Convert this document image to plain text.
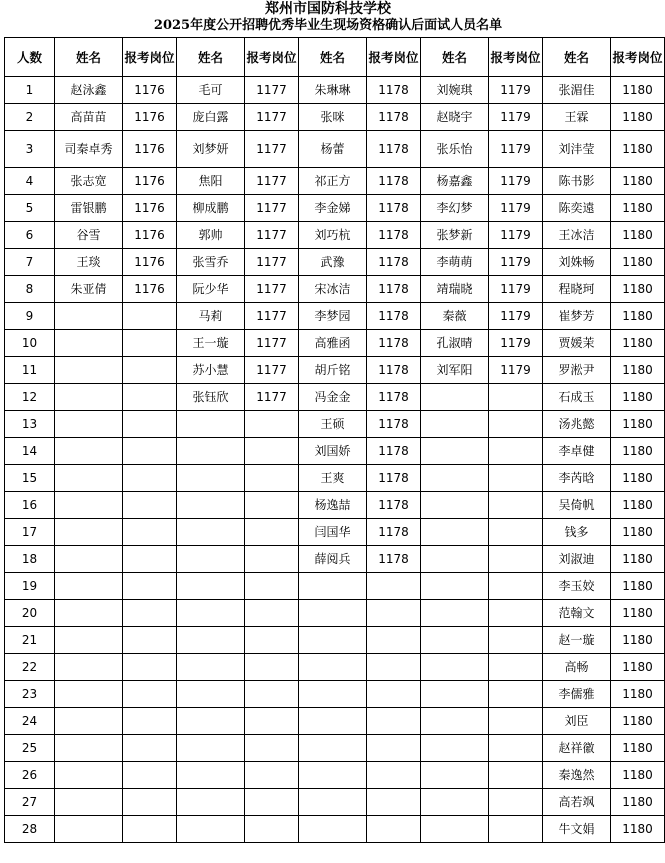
郑州市国防科技学校
2025年度公开招聘优秀毕业生现场资格确认后面试人员名单
人数	姓名	报考岗位	姓名	报考岗位	姓名	报考岗位	姓名	报考岗位	姓名	报考岗位
1	赵泳鑫	1176	毛可	1177	朱琳琳	1178	刘婉琪	1179	张湄佳	1180
2	高苗苗	1176	庞白露	1177	张咪	1178	赵晓宇	1179	王霖	1180
3	司秦卓秀	1176	刘梦妍	1177	杨蕾	1178	张乐怡	1179	刘沣莹	1180
4	张志宽	1176	焦阳	1177	祁正方	1178	杨嘉鑫	1179	陈书影	1180
5	雷银鹏	1176	柳成鹏	1177	李金娣	1178	李幻梦	1179	陈奕遠	1180
6	谷雪	1176	郭帅	1177	刘巧杭	1178	张梦新	1179	王冰洁	1180
7	王琰	1176	张雪乔	1177	武豫	1178	李萌萌	1179	刘姝畅	1180
8	朱亚倩	1176	阮少华	1177	宋冰洁	1178	靖瑞晓	1179	程晓珂	1180
9			马莉	1177	李梦园	1178	秦薇	1179	崔梦芳	1180
10			王一璇	1177	高雅函	1178	孔淑晴	1179	贾媛茉	1180
11			苏小慧	1177	胡斤铭	1178	刘军阳	1179	罗淞尹	1180
12			张钰欣	1177	冯金金	1178			石成玉	1180
13					王硕	1178			汤兆懿	1180
14					刘国娇	1178			李卓健	1180
15					王爽	1178			李芮晗	1180
16					杨逸喆	1178			吴倚帆	1180
17					闫国华	1178			钱多	1180
18					薛阅兵	1178			刘淑迪	1180
19									李玉姣	1180
20									范翰文	1180
21									赵一璇	1180
22									高畅	1180
23									李儒雅	1180
24									刘臣	1180
25									赵祥徽	1180
26									秦逸然	1180
27									高若飒	1180
28									牛文娟	1180
